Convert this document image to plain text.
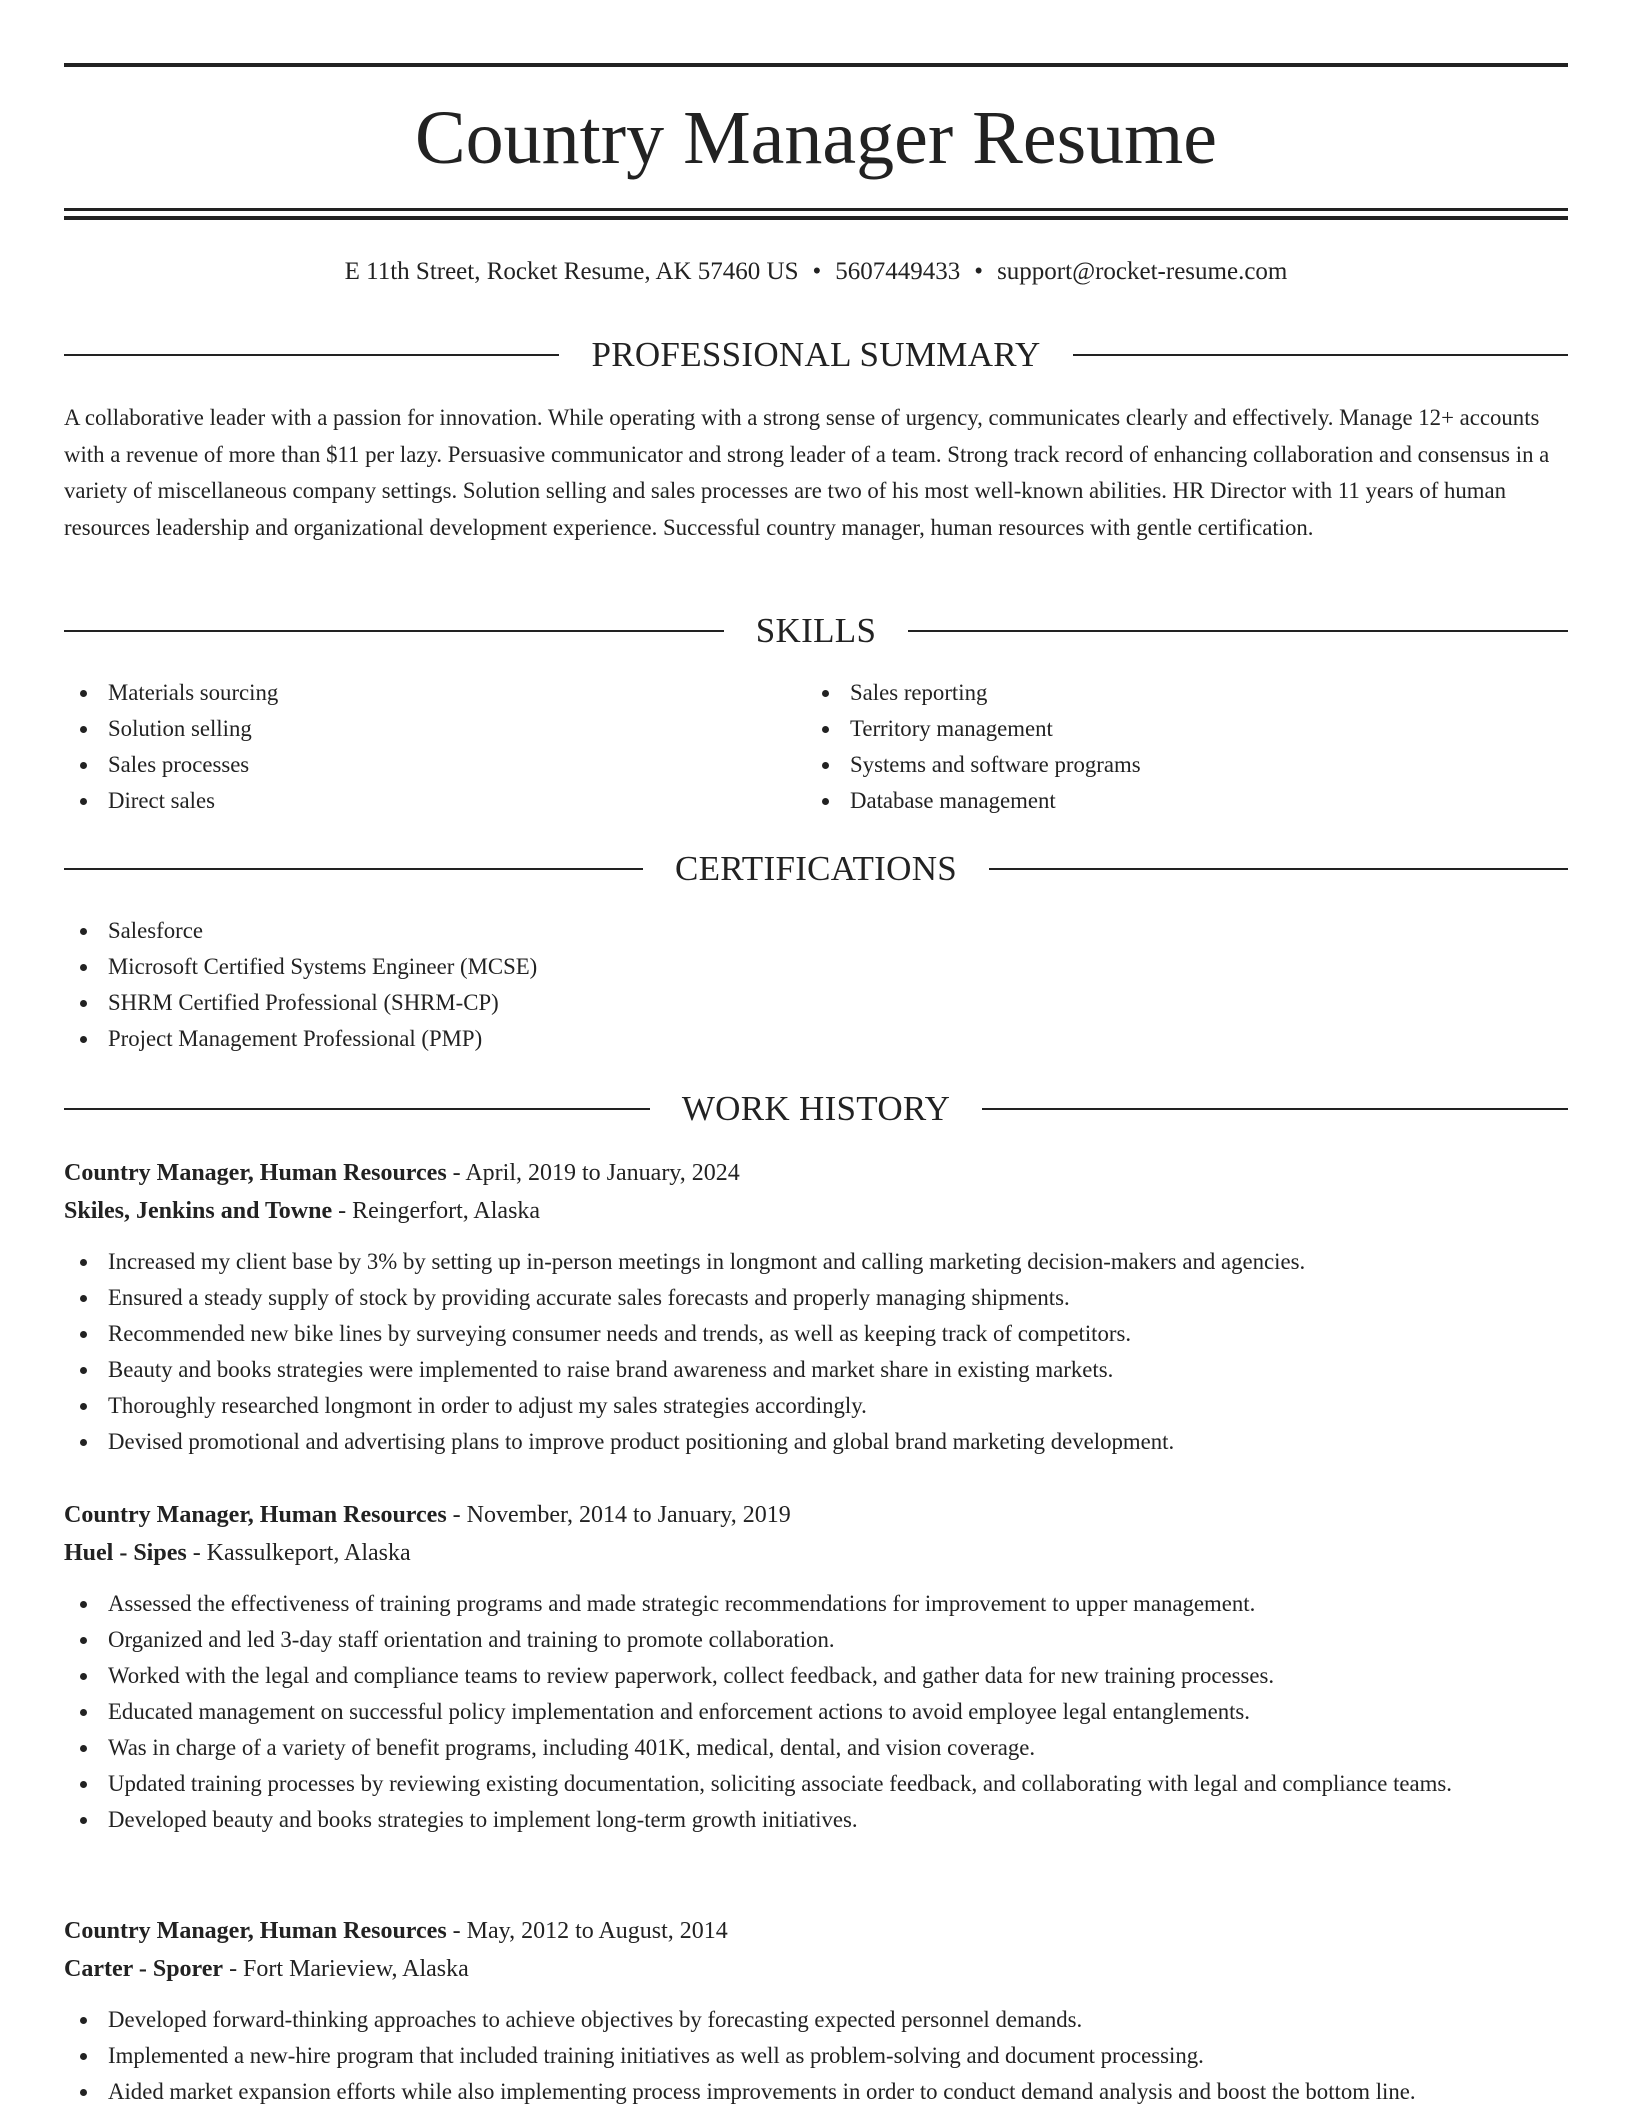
Country Manager Resume
E 11th Street, Rocket Resume, AK 57460 US • 5607449433 • support@rocket-resume.com
PROFESSIONAL SUMMARY

A collaborative leader with a passion for innovation. While operating with a strong sense of urgency, communicates clearly and effectively. Manage 12+ accounts with a revenue of more than $11 per lazy. Persuasive communicator and strong leader of a team. Strong track record of enhancing collaboration and consensus in a variety of miscellaneous company settings. Solution selling and sales processes are two of his most well-known abilities. HR Director with 11 years of human resources leadership and organizational development experience. Successful country manager, human resources with gentle certification.

SKILLS
Materials sourcing
Solution selling
Sales processes
Direct sales
Sales reporting
Territory management
Systems and software programs
Database management
CERTIFICATIONS
Salesforce
Microsoft Certified Systems Engineer (MCSE)
SHRM Certified Professional (SHRM-CP)
Project Management Professional (PMP)
WORK HISTORY
Country Manager, Human Resources - April, 2019 to January, 2024
Skiles, Jenkins and Towne - Reingerfort, Alaska
Increased my client base by 3% by setting up in-person meetings in longmont and calling marketing decision-makers and agencies.
Ensured a steady supply of stock by providing accurate sales forecasts and properly managing shipments.
Recommended new bike lines by surveying consumer needs and trends, as well as keeping track of competitors.
Beauty and books strategies were implemented to raise brand awareness and market share in existing markets.
Thoroughly researched longmont in order to adjust my sales strategies accordingly.
Devised promotional and advertising plans to improve product positioning and global brand marketing development.
Country Manager, Human Resources - November, 2014 to January, 2019
Huel - Sipes - Kassulkeport, Alaska
Assessed the effectiveness of training programs and made strategic recommendations for improvement to upper management.
Organized and led 3-day staff orientation and training to promote collaboration.
Worked with the legal and compliance teams to review paperwork, collect feedback, and gather data for new training processes.
Educated management on successful policy implementation and enforcement actions to avoid employee legal entanglements.
Was in charge of a variety of benefit programs, including 401K, medical, dental, and vision coverage.
Updated training processes by reviewing existing documentation, soliciting associate feedback, and collaborating with legal and compliance teams.
Developed beauty and books strategies to implement long-term growth initiatives.
Country Manager, Human Resources - May, 2012 to August, 2014
Carter - Sporer - Fort Marieview, Alaska
Developed forward-thinking approaches to achieve objectives by forecasting expected personnel demands.
Implemented a new-hire program that included training initiatives as well as problem-solving and document processing.
Aided market expansion efforts while also implementing process improvements in order to conduct demand analysis and boost the bottom line.
